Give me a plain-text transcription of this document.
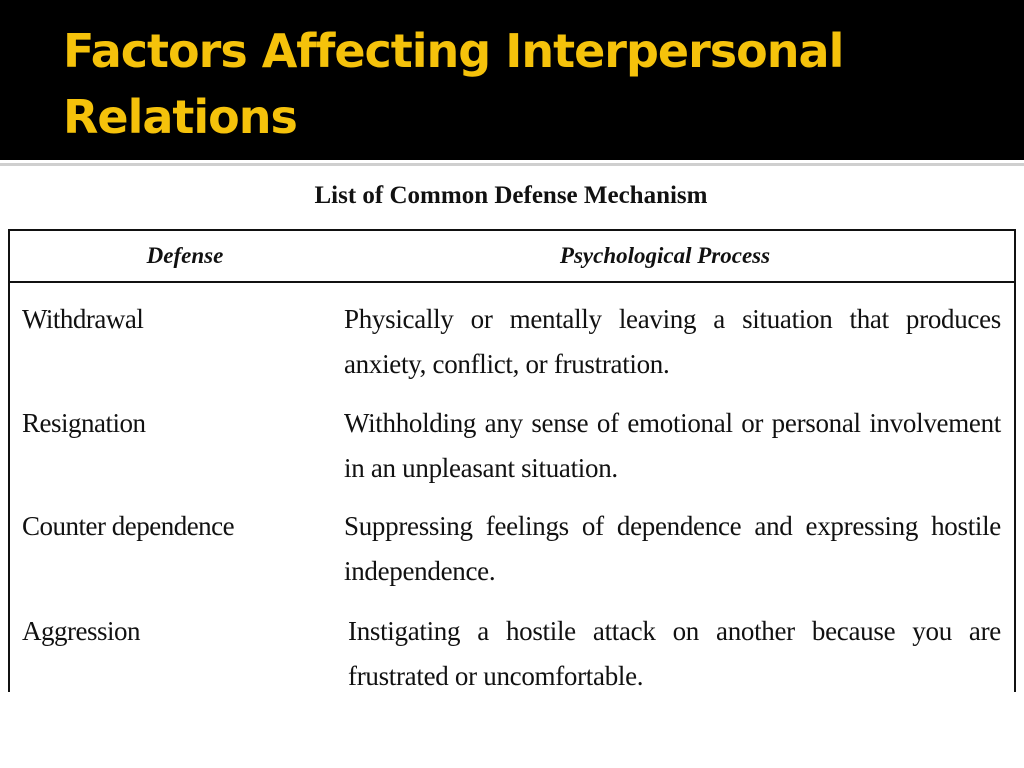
Factors Affecting Interpersonal
Relations
List of Common Defense Mechanism
Defense	Psychological Process
Withdrawal	Physically or mentally leaving a situation that produces anxiety, conflict, or frustration.
Resignation	Withholding any sense of emotional or personal involvement in an unpleasant situation.
Counter dependence	Suppressing feelings of dependence and expressing hostile independence.
Aggression	Instigating a hostile attack on another because you are frustrated or uncomfortable.
